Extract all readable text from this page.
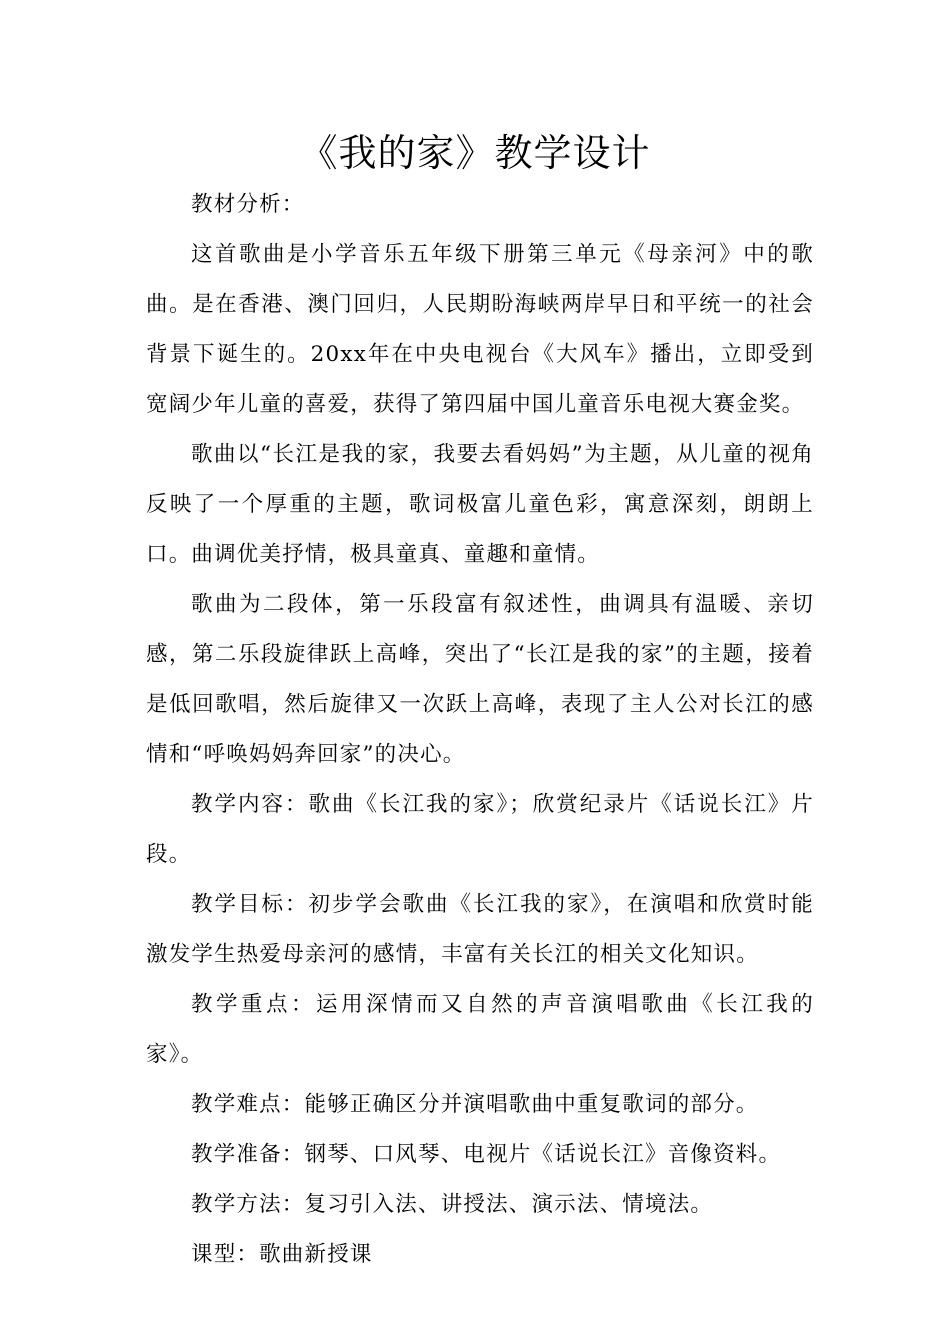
《我的家》教学设计

教材分析：

这首歌曲是小学音乐五年级下册第三单元《母亲河》中的歌曲。是在香港、澳门回归，人民期盼海峡两岸早日和平统一的社会背景下诞生的。20xx年在中央电视台《大风车》播出，立即受到宽阔少年儿童的喜爱，获得了第四届中国儿童音乐电视大赛金奖。

歌曲以“长江是我的家，我要去看妈妈”为主题，从儿童的视角反映了一个厚重的主题，歌词极富儿童色彩，寓意深刻，朗朗上口。曲调优美抒情，极具童真、童趣和童情。

歌曲为二段体，第一乐段富有叙述性，曲调具有温暖、亲切感，第二乐段旋律跃上高峰，突出了“长江是我的家”的主题，接着是低回歌唱，然后旋律又一次跃上高峰，表现了主人公对长江的感情和“呼唤妈妈奔回家”的决心。

教学内容：歌曲《长江我的家》；欣赏纪录片《话说长江》片段。

教学目标：初步学会歌曲《长江我的家》，在演唱和欣赏时能激发学生热爱母亲河的感情，丰富有关长江的相关文化知识。

教学重点：运用深情而又自然的声音演唱歌曲《长江我的家》。

教学难点：能够正确区分并演唱歌曲中重复歌词的部分。

教学准备：钢琴、口风琴、电视片《话说长江》音像资料。

教学方法：复习引入法、讲授法、演示法、情境法。

课型：歌曲新授课
